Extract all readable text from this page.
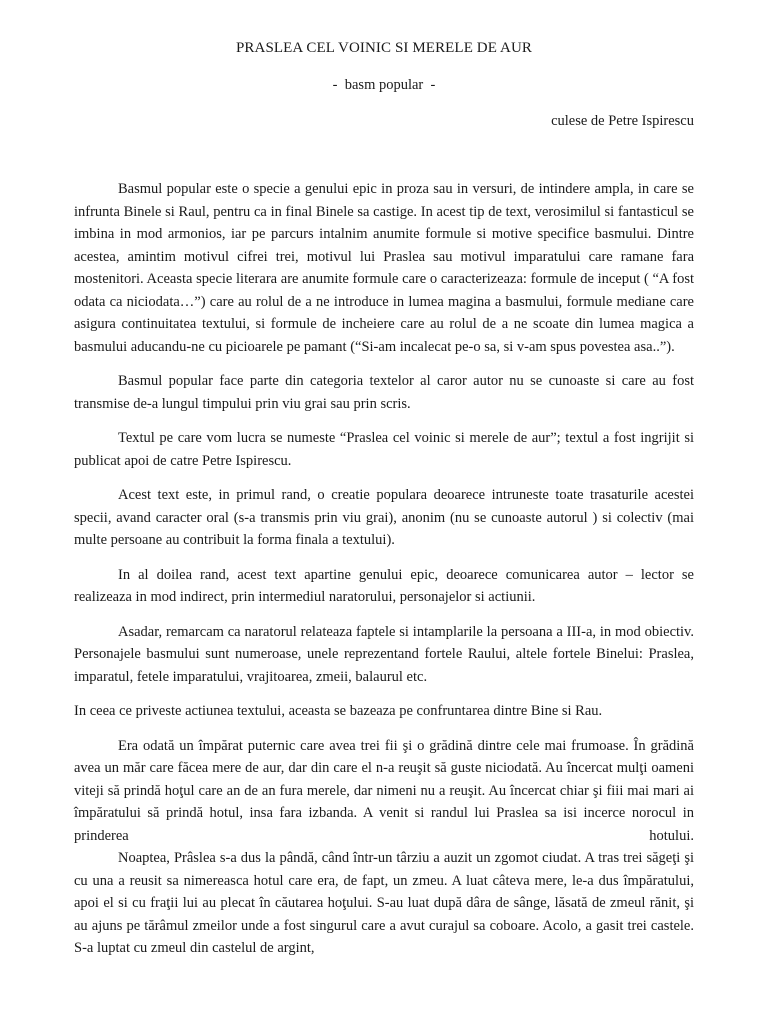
PRASLEA CEL VOINIC SI MERELE DE AUR
-  basm popular  -
culese de Petre Ispirescu

Basmul popular este o specie a genului epic in proza sau in versuri, de intindere ampla, in care se infrunta Binele si Raul, pentru ca in final Binele sa castige. In acest tip de text, verosimilul si fantasticul se imbina in mod armonios, iar pe parcurs intalnim anumite formule si motive specifice basmului. Dintre acestea, amintim motivul cifrei trei, motivul lui Praslea sau motivul imparatului care ramane fara mostenitori. Aceasta specie literara are anumite formule care o caracterizeaza: formule de inceput ( “A fost odata ca niciodata…”) care au rolul de a ne introduce in lumea magina a basmului, formule mediane care asigura continuitatea textului, si formule de incheiere care au rolul de a ne scoate din lumea magica a basmului aducandu-ne cu picioarele pe pamant (“Si-am incalecat pe-o sa, si v-am spus povestea asa..”).

Basmul popular face parte din categoria textelor al caror autor nu se cunoaste si care au fost transmise de-a lungul timpului prin viu grai sau prin scris.

Textul pe care vom lucra se numeste “Praslea cel voinic si merele de aur”; textul a fost ingrijit si publicat apoi de catre Petre Ispirescu.

Acest text este, in primul rand, o creatie populara deoarece intruneste toate trasaturile acestei specii, avand caracter oral (s-a transmis prin viu grai), anonim (nu se cunoaste autorul ) si colectiv (mai multe persoane au contribuit la forma finala a textului).

In al doilea rand, acest text apartine genului epic, deoarece comunicarea autor – lector se realizeaza in mod indirect, prin intermediul naratorului, personajelor si actiunii.

Asadar, remarcam ca naratorul relateaza faptele si intamplarile la persoana a III-a, in mod obiectiv. Personajele basmului sunt numeroase, unele reprezentand fortele Raului, altele fortele Binelui: Praslea, imparatul, fetele imparatului, vrajitoarea, zmeii, balaurul etc.

In ceea ce priveste actiunea textului, aceasta se bazeaza pe confruntarea dintre Bine si Rau.

Era odată un împărat puternic care avea trei fii şi o grădină dintre cele mai frumoase. În grădină avea un măr care făcea mere de aur, dar din care el n-a reuşit să guste niciodată. Au încercat mulţi oameni viteji să prindă hoţul care an de an fura merele, dar nimeni nu a reuşit. Au încercat chiar şi fiii mai mari ai împăratului să prindă hotul, insa fara izbanda. A venit si randul lui Praslea sa isi incerce norocul in prinderea hotului.

Noaptea, Prâslea s-a dus la pândă, când într-un târziu a auzit un zgomot ciudat. A tras trei săgeţi şi cu una a reusit sa nimereasca hotul care era, de fapt, un zmeu. A luat câteva mere, le-a dus împăratului, apoi el si cu fraţii lui au plecat în căutarea hoţului. S-au luat după dâra de sânge, lăsată de zmeul rănit, şi au ajuns pe tărâmul zmeilor unde a fost singurul care a avut curajul sa coboare. Acolo, a gasit trei castele. S-a luptat cu zmeul din castelul de argint,
